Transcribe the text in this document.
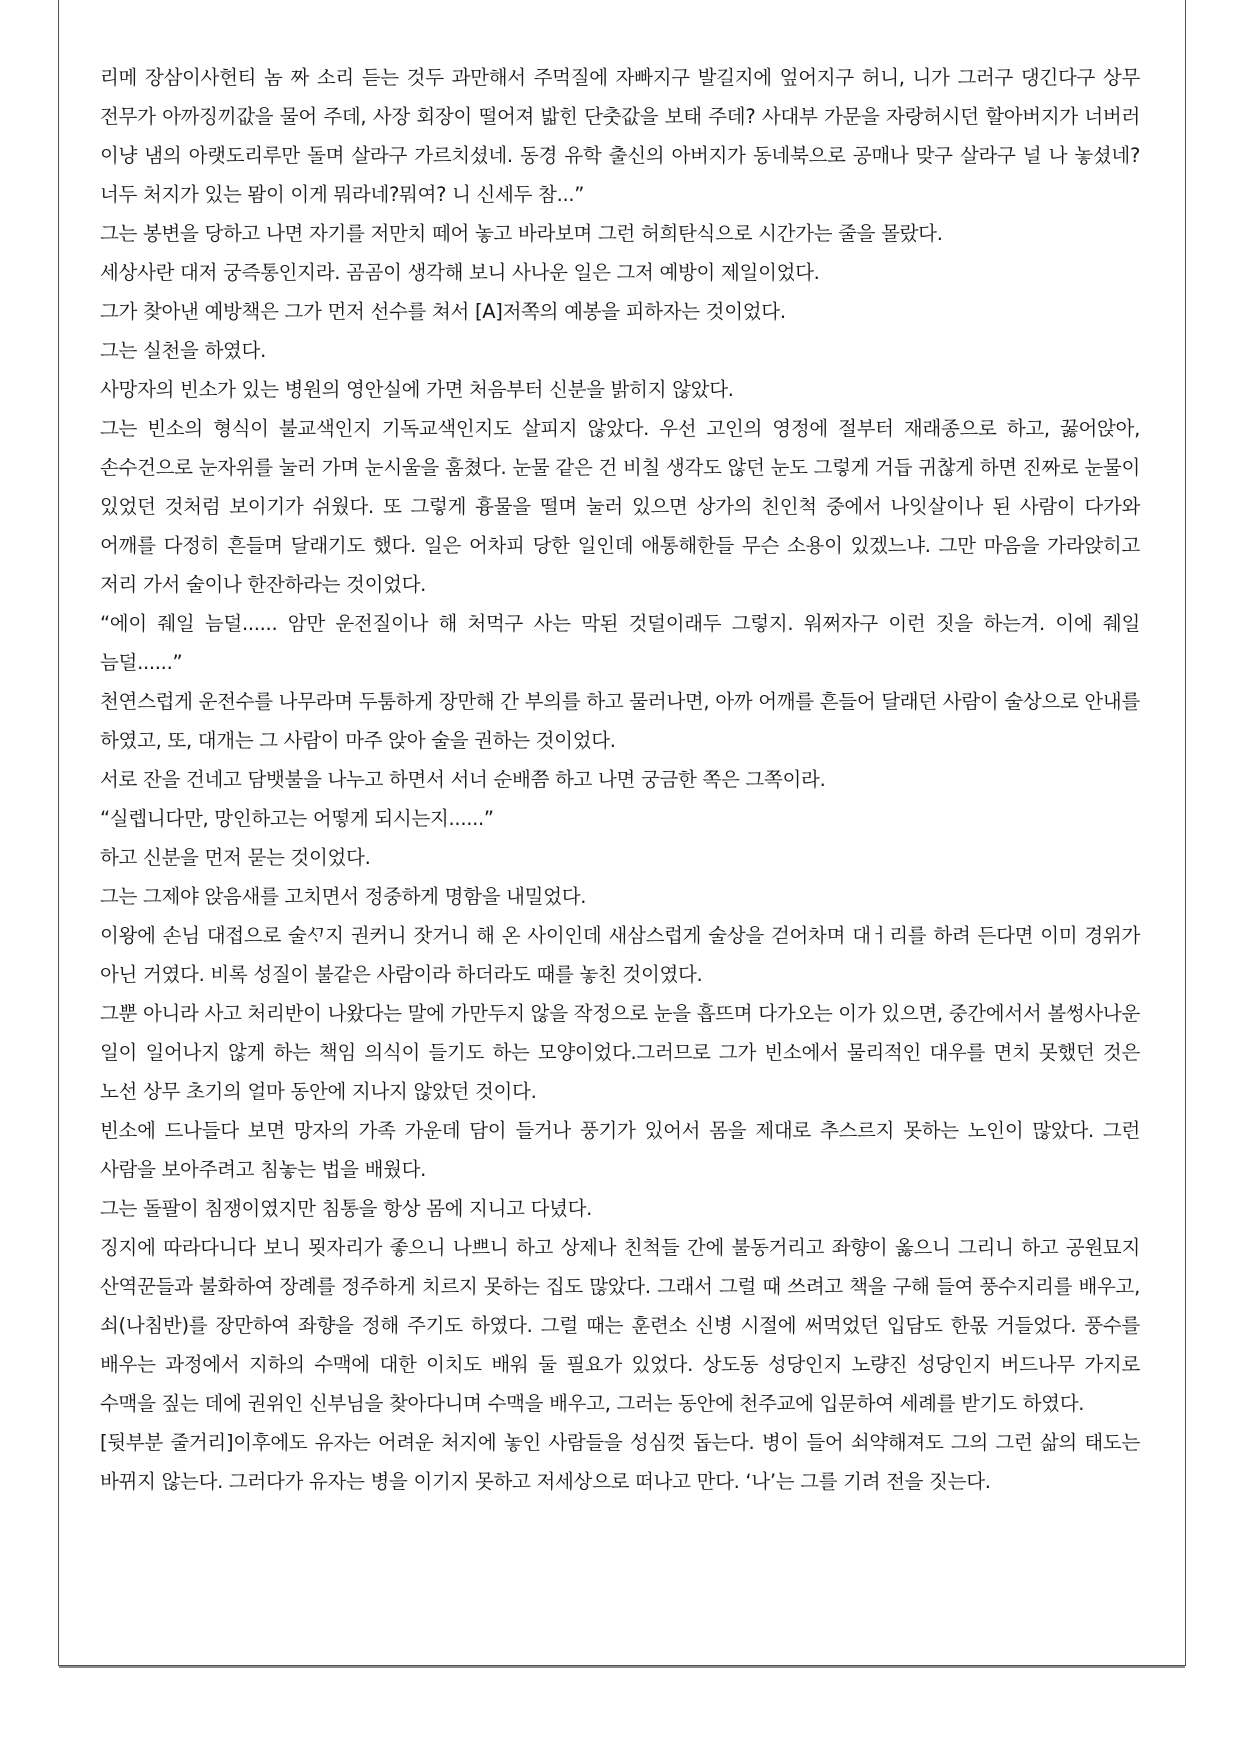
리메 장삼이사헌티 놈 짜 소리 듣는 것두 과만해서 주먹질에 자빠지구 발길지에 엎어지구 허니, 니가 그러구 댕긴다구 상무 전무가 아까징끼값을 물어 주데, 사장 회장이 떨어져 밟힌 단춧값을 보태 주데? 사대부 가문을 자랑허시던 할아버지가 너버러 이냥 냄의 아랫도리루만 돌며 살라구 가르치셨네. 동경 유학 출신의 아버지가 동네북으로 공매나 맞구 살라구 널 나 놓셨네? 너두 처지가 있는 뫔이 이게 뭐라네?뭐여? 니 신세두 참...”

그는 봉변을 당하고 나면 자기를 저만치 떼어 놓고 바라보며 그런 허희탄식으로 시간가는 줄을 몰랐다.

세상사란 대저 궁즉통인지라. 곰곰이 생각해 보니 사나운 일은 그저 예방이 제일이었다.

그가 찾아낸 예방책은 그가 먼저 선수를 쳐서 [A]저쪽의 예봉을 피하자는 것이었다.

그는 실천을 하였다.

사망자의 빈소가 있는 병원의 영안실에 가면 처음부터 신분을 밝히지 않았다.

그는 빈소의 형식이 불교색인지 기독교색인지도 살피지 않았다. 우선 고인의 영정에 절부터 재래종으로 하고, 꿇어앉아, 손수건으로 눈자위를 눌러 가며 눈시울을 훔쳤다. 눈물 같은 건 비칠 생각도 않던 눈도 그렇게 거듭 귀찮게 하면 진짜로 눈물이 있었던 것처럼 보이기가 쉬웠다. 또 그렇게 흉물을 떨며 눌러 있으면 상가의 친인척 중에서 나잇살이나 된 사람이 다가와 어깨를 다정히 흔들며 달래기도 했다. 일은 어차피 당한 일인데 애통해한들 무슨 소용이 있겠느냐. 그만 마음을 가라앉히고 저리 가서 술이나 한잔하라는 것이었다.

“에이 줴일 늠덜...... 암만 운전질이나 해 처먹구 사는 막된 것덜이래두 그렇지. 워쩌자구 이런 짓을 하는겨. 이에 줴일 늠덜......”

천연스럽게 운전수를 나무라며 두툼하게 장만해 간 부의를 하고 물러나면, 아까 어깨를 흔들어 달래던 사람이 술상으로 안내를 하였고, 또, 대개는 그 사람이 마주 앉아 술을 권하는 것이었다.

서로 잔을 건네고 담뱃불을 나누고 하면서 서너 순배쯤 하고 나면 궁금한 쪽은 그쪽이라.

“실렙니다만, 망인하고는 어떻게 되시는지......”

하고 신분을 먼저 묻는 것이었다.

그는 그제야 앉음새를 고치면서 정중하게 명함을 내밀었다.

이왕에 손님 대접으로 술ᄭᆞ지 권커니 잣거니 해 온 사이인데 새삼스럽게 술상을 걷어차며 대ㅓ리를 하려 든다면 이미 경위가 아닌 거였다. 비록 성질이 불같은 사람이라 하더라도 때를 놓친 것이였다.

그뿐 아니라 사고 처리반이 나왔다는 말에 가만두지 않을 작정으로 눈을 흡뜨며 다가오는 이가 있으면, 중간에서서 볼썽사나운 일이 일어나지 않게 하는 책임 의식이 들기도 하는 모양이었다.그러므로 그가 빈소에서 물리적인 대우를 면치 못했던 것은 노선 상무 초기의 얼마 동안에 지나지 않았던 것이다.

빈소에 드나들다 보면 망자의 가족 가운데 담이 들거나 풍기가 있어서 몸을 제대로 추스르지 못하는 노인이 많았다. 그런 사람을 보아주려고 침놓는 법을 배웠다.

그는 돌팔이 침쟁이였지만 침통을 항상 몸에 지니고 다녔다.

징지에 따라다니다 보니 묏자리가 좋으니 나쁘니 하고 상제나 친척들 간에 불동거리고 좌향이 옳으니 그리니 하고 공원묘지 산역꾼들과 불화하여 장례를 정주하게 치르지 못하는 집도 많았다. 그래서 그럴 때 쓰려고 책을 구해 들여 풍수지리를 배우고, 쇠(나침반)를 장만하여 좌향을 정해 주기도 하였다. 그럴 때는 훈련소 신병 시절에 써먹었던 입담도 한몫 거들었다. 풍수를 배우는 과정에서 지하의 수맥에 대한 이치도 배워 둘 필요가 있었다. 상도동 성당인지 노량진 성당인지 버드나무 가지로 수맥을 짚는 데에 권위인 신부님을 찾아다니며 수맥을 배우고, 그러는 동안에 천주교에 입문하여 세례를 받기도 하였다.

[뒷부분 줄거리]이후에도 유자는 어려운 처지에 놓인 사람들을 성심껏 돕는다. 병이 들어 쇠약해져도 그의 그런 삶의 태도는 바뀌지 않는다. 그러다가 유자는 병을 이기지 못하고 저세상으로 떠나고 만다. ‘나’는 그를 기려 전을 짓는다.
